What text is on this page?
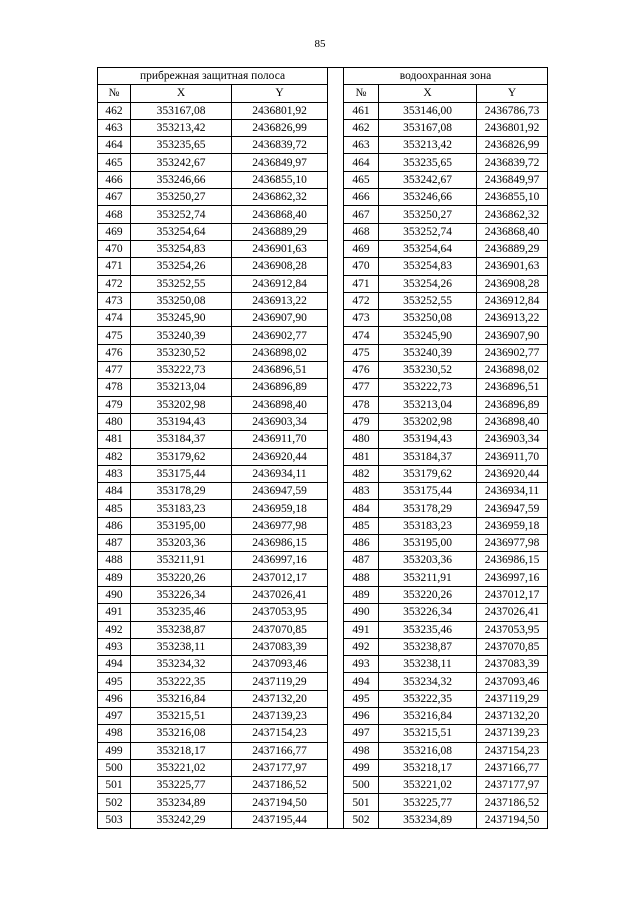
85
прибрежная защитная полоса				водоохранная зона		
№	X	Y		№	X	Y
462	353167,08	2436801,92		461	353146,00	2436786,73
463	353213,42	2436826,99		462	353167,08	2436801,92
464	353235,65	2436839,72		463	353213,42	2436826,99
465	353242,67	2436849,97		464	353235,65	2436839,72
466	353246,66	2436855,10		465	353242,67	2436849,97
467	353250,27	2436862,32		466	353246,66	2436855,10
468	353252,74	2436868,40		467	353250,27	2436862,32
469	353254,64	2436889,29		468	353252,74	2436868,40
470	353254,83	2436901,63		469	353254,64	2436889,29
471	353254,26	2436908,28		470	353254,83	2436901,63
472	353252,55	2436912,84		471	353254,26	2436908,28
473	353250,08	2436913,22		472	353252,55	2436912,84
474	353245,90	2436907,90		473	353250,08	2436913,22
475	353240,39	2436902,77		474	353245,90	2436907,90
476	353230,52	2436898,02		475	353240,39	2436902,77
477	353222,73	2436896,51		476	353230,52	2436898,02
478	353213,04	2436896,89		477	353222,73	2436896,51
479	353202,98	2436898,40		478	353213,04	2436896,89
480	353194,43	2436903,34		479	353202,98	2436898,40
481	353184,37	2436911,70		480	353194,43	2436903,34
482	353179,62	2436920,44		481	353184,37	2436911,70
483	353175,44	2436934,11		482	353179,62	2436920,44
484	353178,29	2436947,59		483	353175,44	2436934,11
485	353183,23	2436959,18		484	353178,29	2436947,59
486	353195,00	2436977,98		485	353183,23	2436959,18
487	353203,36	2436986,15		486	353195,00	2436977,98
488	353211,91	2436997,16		487	353203,36	2436986,15
489	353220,26	2437012,17		488	353211,91	2436997,16
490	353226,34	2437026,41		489	353220,26	2437012,17
491	353235,46	2437053,95		490	353226,34	2437026,41
492	353238,87	2437070,85		491	353235,46	2437053,95
493	353238,11	2437083,39		492	353238,87	2437070,85
494	353234,32	2437093,46		493	353238,11	2437083,39
495	353222,35	2437119,29		494	353234,32	2437093,46
496	353216,84	2437132,20		495	353222,35	2437119,29
497	353215,51	2437139,23		496	353216,84	2437132,20
498	353216,08	2437154,23		497	353215,51	2437139,23
499	353218,17	2437166,77		498	353216,08	2437154,23
500	353221,02	2437177,97		499	353218,17	2437166,77
501	353225,77	2437186,52		500	353221,02	2437177,97
502	353234,89	2437194,50		501	353225,77	2437186,52
503	353242,29	2437195,44		502	353234,89	2437194,50
